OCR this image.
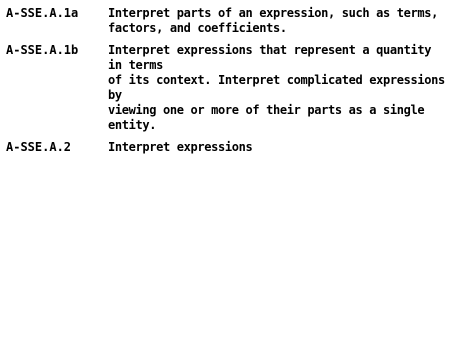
A-SSE.A.1a	Interpret parts of an expression, such as terms,
factors, and coefficients.
A-SSE.A.1b	Interpret expressions that represent a quantity in terms
of its context. Interpret complicated expressions by
viewing one or more of their parts as a single entity.
A-SSE.A.2	Interpret expressions
